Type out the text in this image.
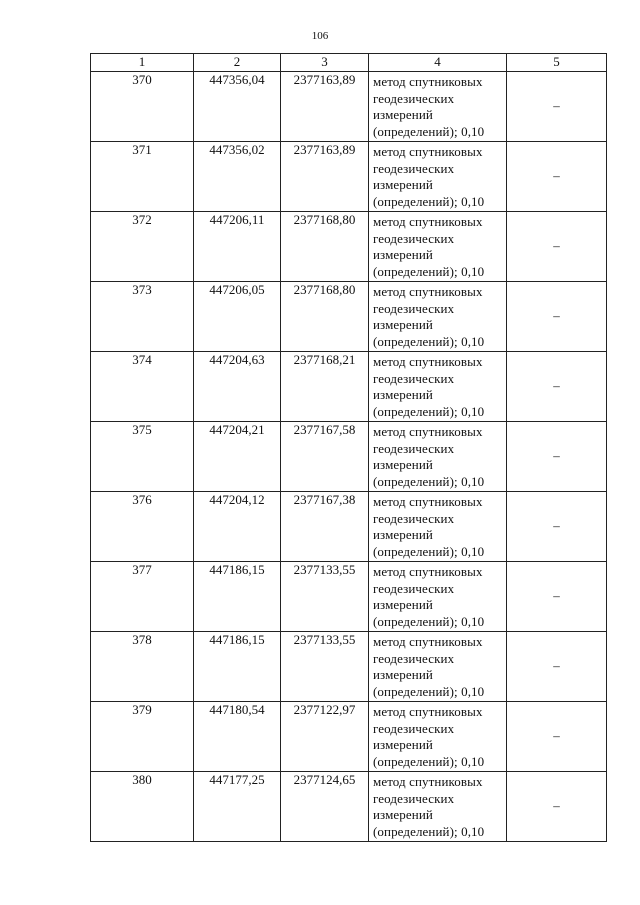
106
1	2	3	4	5
370	447356,04	2377163,89	метод спутниковых геодезических измерений (определений); 0,10	–
371	447356,02	2377163,89	метод спутниковых геодезических измерений (определений); 0,10	–
372	447206,11	2377168,80	метод спутниковых геодезических измерений (определений); 0,10	–
373	447206,05	2377168,80	метод спутниковых геодезических измерений (определений); 0,10	–
374	447204,63	2377168,21	метод спутниковых геодезических измерений (определений); 0,10	–
375	447204,21	2377167,58	метод спутниковых геодезических измерений (определений); 0,10	–
376	447204,12	2377167,38	метод спутниковых геодезических измерений (определений); 0,10	–
377	447186,15	2377133,55	метод спутниковых геодезических измерений (определений); 0,10	–
378	447186,15	2377133,55	метод спутниковых геодезических измерений (определений); 0,10	–
379	447180,54	2377122,97	метод спутниковых геодезических измерений (определений); 0,10	–
380	447177,25	2377124,65	метод спутниковых геодезических измерений (определений); 0,10	–
